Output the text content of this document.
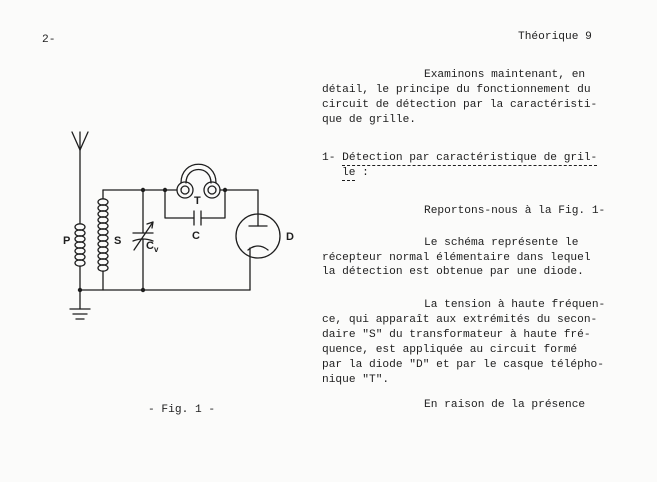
2-	Théorique 9
Examinons maintenant, en
détail, le principe du fonctionnement du
circuit de détection par la caractéristi-
que de grille.
1- Détection par caractéristique de gril-
le :
Reportons-nous à la Fig. 1-
Le schéma représente le
récepteur normal élémentaire dans lequel
la détection est obtenue par une diode.
La tension à haute fréquen-
ce, qui apparaît aux extrémités du secon-
daire "S" du transformateur à haute fré-
quence, est appliquée au circuit formé
par la diode "D" et par le casque télépho-
nique "T".
En raison de la présence
- Fig. 1 -
P	S C v
C
T
D
